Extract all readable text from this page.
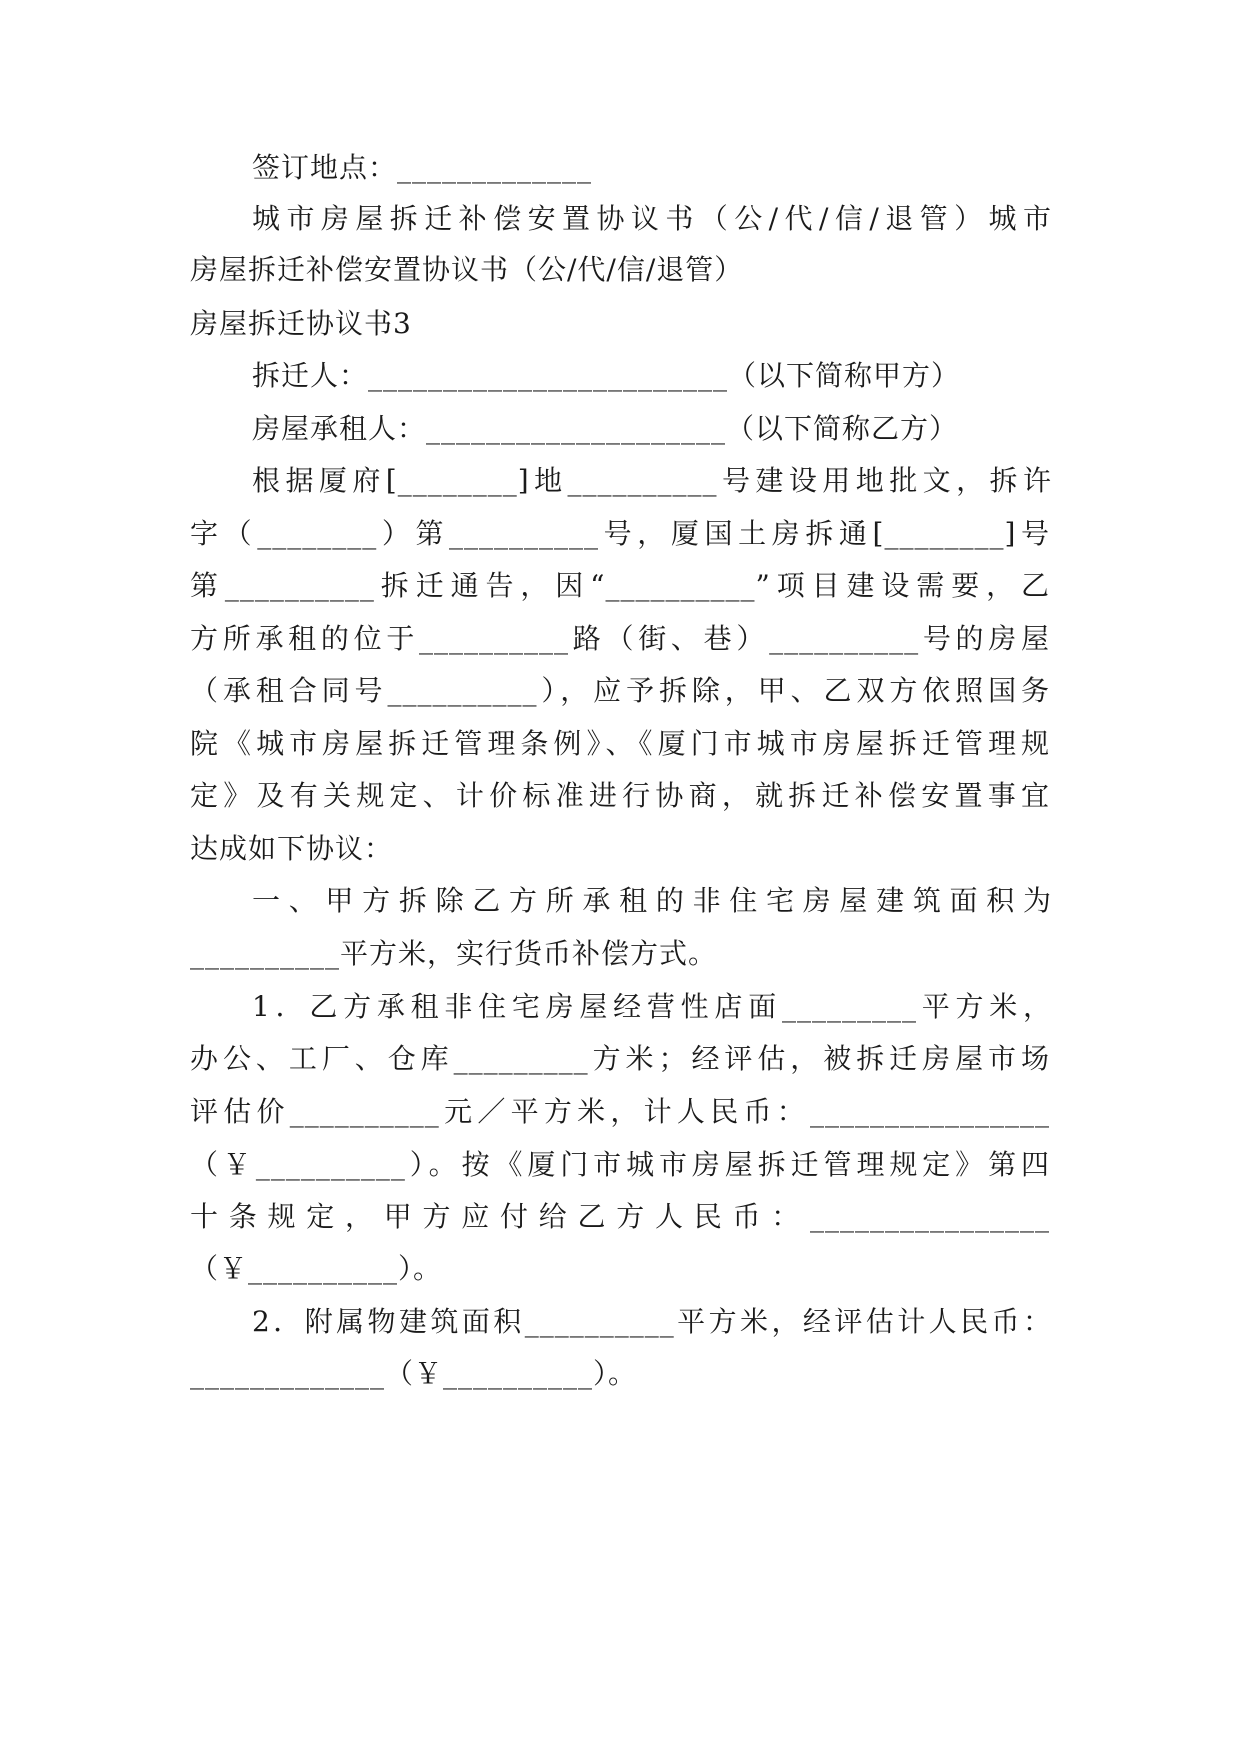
签订地点：_____________
城市房屋拆迁补偿安置协议书（公/代/信/退管）城市
房屋拆迁补偿安置协议书（公/代/信/退管）
房屋拆迁协议书3
拆迁人：________________________（以下简称甲方）
房屋承租人：____________________（以下简称乙方）
根据厦府[________]地__________号建设用地批文，拆许
字（________）第__________号，厦国土房拆通[________]号
第__________拆迁通告，因“__________”项目建设需要，乙
方所承租的位于__________路（街、巷）__________号的房屋
（承租合同号__________），应予拆除，甲、乙双方依照国务
院《城市房屋拆迁管理条例》、《厦门市城市房屋拆迁管理规
定》及有关规定、计价标准进行协商，就拆迁补偿安置事宜
达成如下协议：
一、甲方拆除乙方所承租的非住宅房屋建筑面积为
__________平方米，实行货币补偿方式。
1．乙方承租非住宅房屋经营性店面_________平方米，
办公、工厂、仓库_________方米；经评估，被拆迁房屋市场
评估价__________元／平方米，计人民币：________________
（￥__________）。按《厦门市城市房屋拆迁管理规定》第四
十条规定，甲方应付给乙方人民币：________________
（￥__________）。
2．附属物建筑面积__________平方米，经评估计人民币：
_____________（￥__________）。
